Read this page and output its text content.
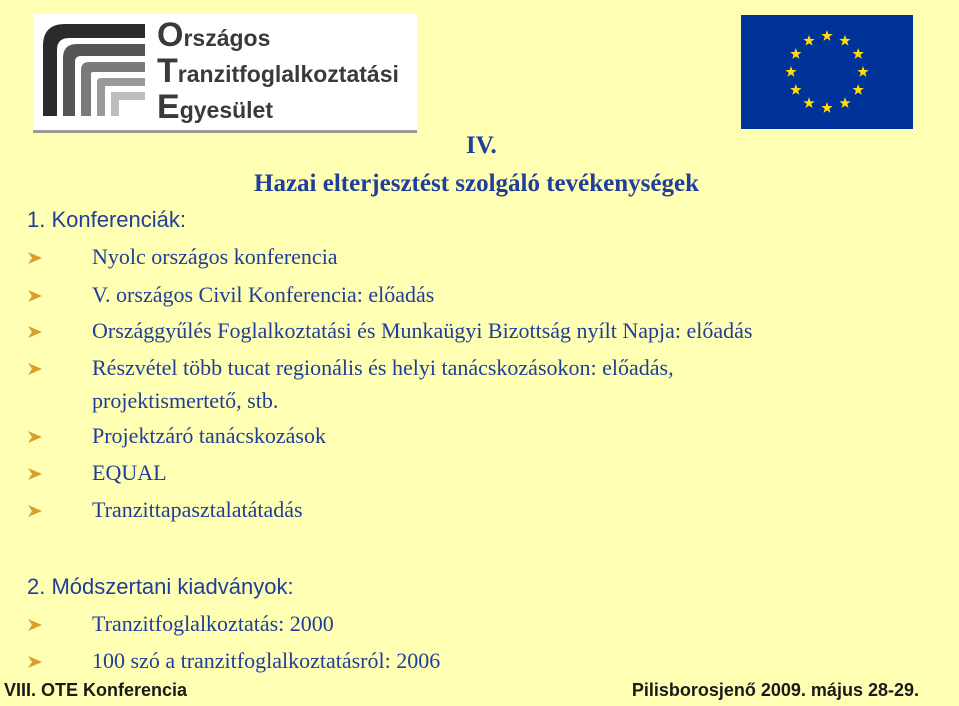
Országos
Tranzitfoglalkoztatási
Egyesület
IV.
Hazai elterjesztést szolgáló tevékenységek
1. Konferenciák:
Nyolc országos konferencia
V. országos Civil Konferencia: előadás
Országgyűlés Foglalkoztatási és Munkaügyi Bizottság nyílt Napja: előadás
Részvétel több tucat regionális és helyi tanácskozásokon: előadás,
projektismertető, stb.
Projektzáró tanácskozások
EQUAL
Tranzittapasztalatátadás
2. Módszertani kiadványok:
Tranzitfoglalkoztatás: 2000
100 szó a tranzitfoglalkoztatásról: 2006
VIII. OTE Konferencia	Pilisborosjenő 2009. május 28-29.
